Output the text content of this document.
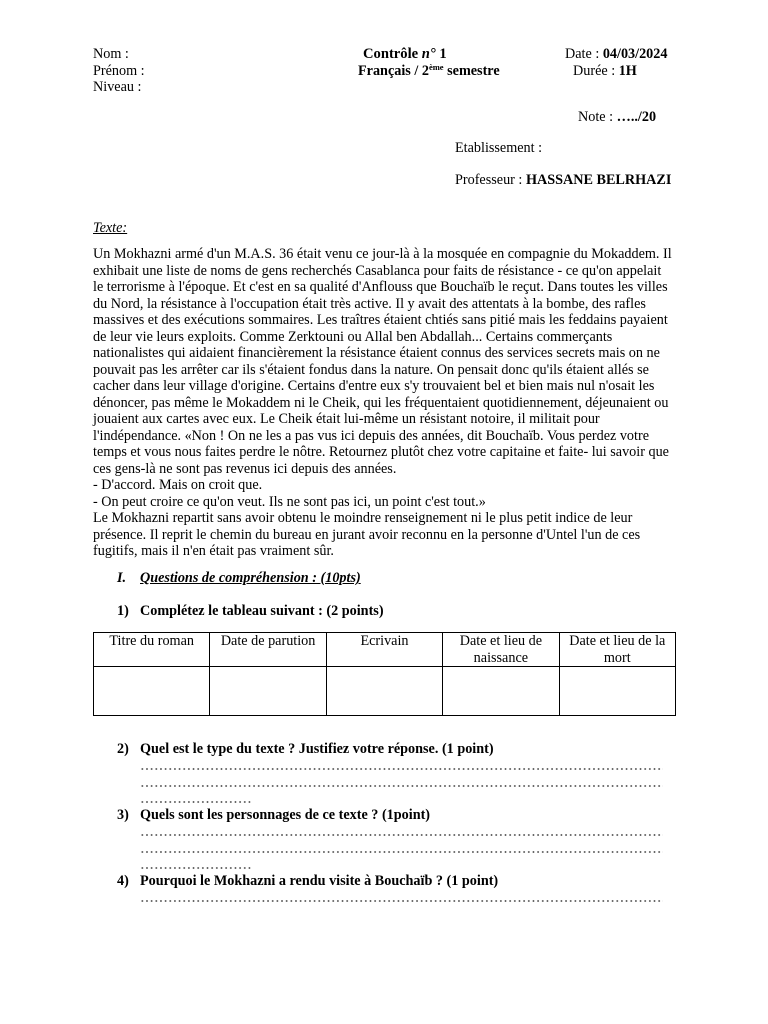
Nom :
Prénom :
Niveau :
Contrôle n° 1
Français / 2ème semestre
Date : 04/03/2024
Durée : 1H
Note : …../20
Etablissement :
Professeur : HASSANE BELRHAZI
Texte:
Un Mokhazni armé d'un M.A.S. 36 était venu ce jour-là à la mosquée en compagnie du Mokaddem. Il
exhibait une liste de noms de gens recherchés Casablanca pour faits de résistance - ce qu'on appelait
le terrorisme à l'époque. Et c'est en sa qualité d'Anflouss que Bouchaïb le reçut. Dans toutes les villes
du Nord, la résistance à l'occupation était très active. Il y avait des attentats à la bombe, des rafles
massives et des exécutions sommaires. Les traîtres étaient chtiés sans pitié mais les feddains payaient
de leur vie leurs exploits. Comme Zerktouni ou Allal ben Abdallah... Certains commerçants
nationalistes qui aidaient financièrement la résistance étaient connus des services secrets mais on ne
pouvait pas les arrêter car ils s'étaient fondus dans la nature. On pensait donc qu'ils étaient allés se
cacher dans leur village d'origine. Certains d'entre eux s'y trouvaient bel et bien mais nul n'osait les
dénoncer, pas même le Mokaddem ni le Cheik, qui les fréquentaient quotidiennement, déjeunaient ou
jouaient aux cartes avec eux. Le Cheik était lui-même un résistant notoire, il militait pour
l'indépendance. «Non ! On ne les a pas vus ici depuis des années, dit Bouchaïb. Vous perdez votre
temps et vous nous faites perdre le nôtre. Retournez plutôt chez votre capitaine et faite- lui savoir que
ces gens-là ne sont pas revenus ici depuis des années.
- D'accord. Mais on croit que.
- On peut croire ce qu'on veut. Ils ne sont pas ici, un point c'est tout.»
Le Mokhazni repartit sans avoir obtenu le moindre renseignement ni le plus petit indice de leur
présence. Il reprit le chemin du bureau en jurant avoir reconnu en la personne d'Untel l'un de ces
fugitifs, mais il n'en était pas vraiment sûr.
I. Questions de compréhension : (10pts)
1) Complétez le tableau suivant : (2 points)
Titre du roman	Date de parution	Ecrivain	Date et lieu de naissance	Date et lieu de la mort

2) Quel est le type du texte ? Justifiez votre réponse. (1 point)
3) Quels sont les personnages de ce texte ? (1point)
4) Pourquoi le Mokhazni a rendu visite à Bouchaïb ? (1 point)
